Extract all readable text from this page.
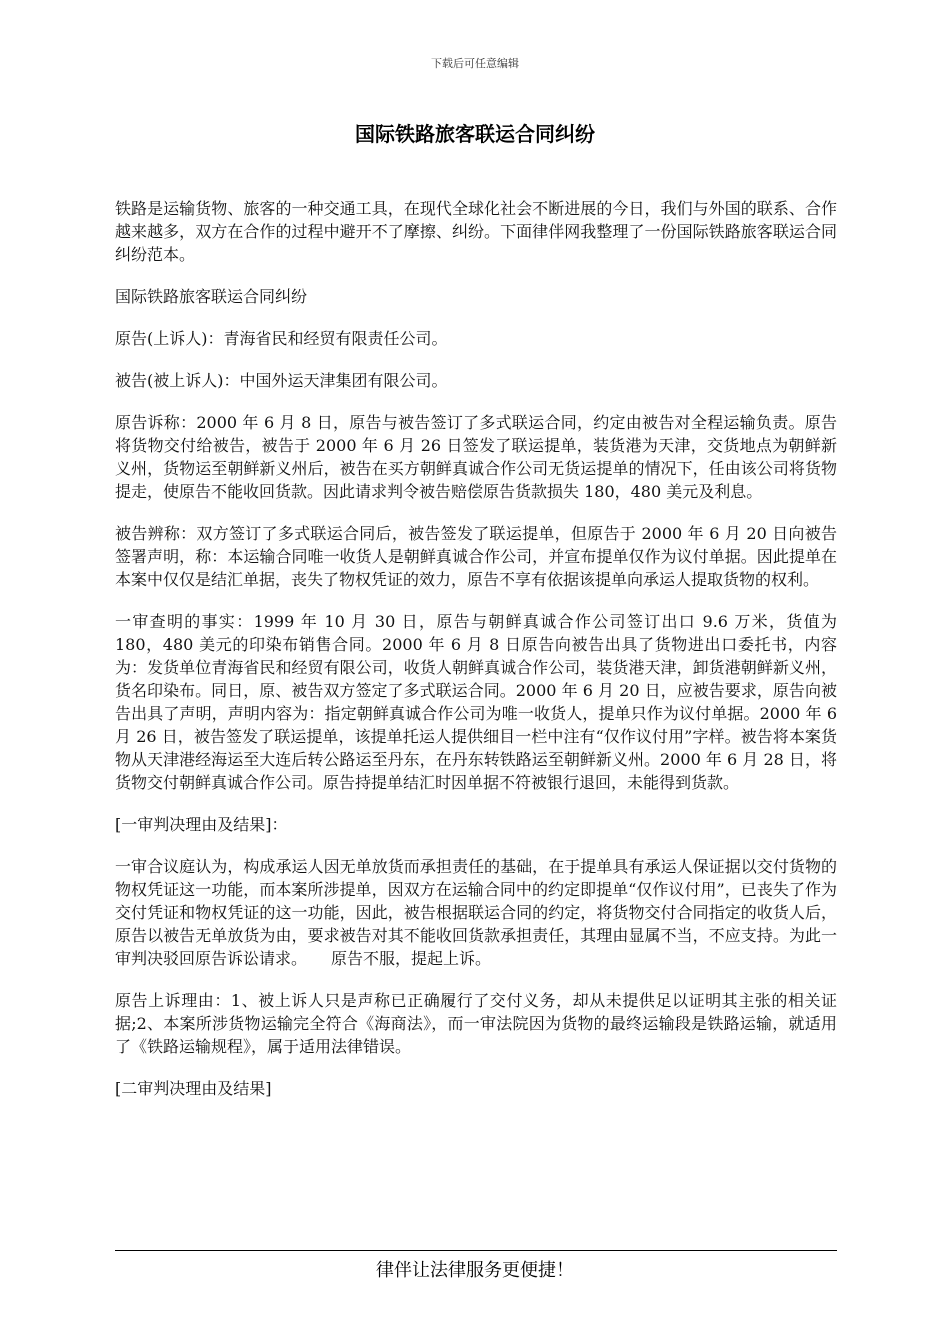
下载后可任意编辑
国际铁路旅客联运合同纠纷

铁路是运输货物、旅客的一种交通工具，在现代全球化社会不断进展的今日，我们与外国的联系、合作越来越多，双方在合作的过程中避开不了摩擦、纠纷。下面律伴网我整理了一份国际铁路旅客联运合同纠纷范本。

国际铁路旅客联运合同纠纷

原告(上诉人)：青海省民和经贸有限责任公司。

被告(被上诉人)：中国外运天津集团有限公司。

原告诉称：2000 年 6 月 8 日，原告与被告签订了多式联运合同，约定由被告对全程运输负责。原告将货物交付给被告，被告于 2000 年 6 月 26 日签发了联运提单，装货港为天津，交货地点为朝鲜新义州，货物运至朝鲜新义州后，被告在买方朝鲜真诚合作公司无货运提单的情况下，任由该公司将货物提走，使原告不能收回货款。因此请求判令被告赔偿原告货款损失 180，480 美元及利息。

被告辨称：双方签订了多式联运合同后，被告签发了联运提单，但原告于 2000 年 6 月 20 日向被告签署声明，称：本运输合同唯一收货人是朝鲜真诚合作公司，并宣布提单仅作为议付单据。因此提单在本案中仅仅是结汇单据，丧失了物权凭证的效力，原告不享有依据该提单向承运人提取货物的权利。

一审查明的事实：1999 年 10 月 30 日，原告与朝鲜真诚合作公司签订出口 9.6 万米，货值为 180，480 美元的印染布销售合同。2000 年 6 月 8 日原告向被告出具了货物进出口委托书，内容为：发货单位青海省民和经贸有限公司，收货人朝鲜真诚合作公司，装货港天津，卸货港朝鲜新义州，货名印染布。同日，原、被告双方签定了多式联运合同。2000 年 6 月 20 日，应被告要求，原告向被告出具了声明，声明内容为：指定朝鲜真诚合作公司为唯一收货人，提单只作为议付单据。2000 年 6 月 26 日，被告签发了联运提单，该提单托运人提供细目一栏中注有“仅作议付用”字样。被告将本案货物从天津港经海运至大连后转公路运至丹东，在丹东转铁路运至朝鲜新义州。2000 年 6 月 28 日，将货物交付朝鲜真诚合作公司。原告持提单结汇时因单据不符被银行退回，未能得到货款。

[一审判决理由及结果]：

一审合议庭认为，构成承运人因无单放货而承担责任的基础，在于提单具有承运人保证据以交付货物的物权凭证这一功能，而本案所涉提单，因双方在运输合同中的约定即提单“仅作议付用”，已丧失了作为交付凭证和物权凭证的这一功能，因此，被告根据联运合同的约定，将货物交付合同指定的收货人后，原告以被告无单放货为由，要求被告对其不能收回货款承担责任，其理由显属不当，不应支持。为此一审判决驳回原告诉讼请求。　　原告不服，提起上诉。

原告上诉理由：1、被上诉人只是声称已正确履行了交付义务，却从未提供足以证明其主张的相关证据;2、本案所涉货物运输完全符合《海商法》，而一审法院因为货物的最终运输段是铁路运输，就适用了《铁路运输规程》，属于适用法律错误。

[二审判决理由及结果]

律伴让法律服务更便捷！
